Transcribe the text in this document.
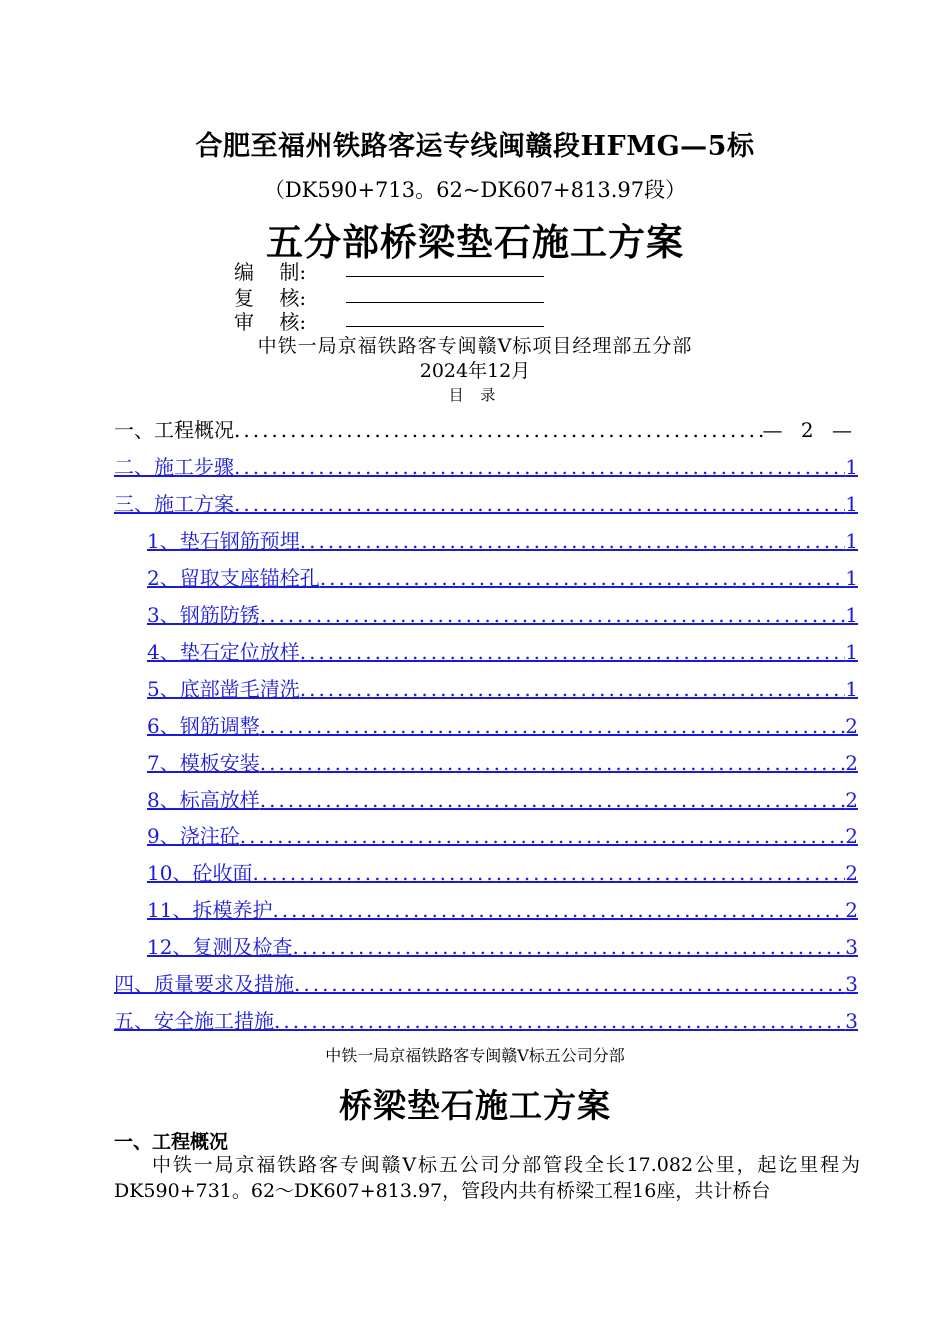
合肥至福州铁路客运专线闽赣段HFMG—5标
（DK590+713。62~DK607+813.97段）
五分部桥梁垫石施工方案
编    制:
复    核:
审    核:
中铁一局京福铁路客专闽赣Ⅴ标项目经理部五分部
2024年12月
目 录
一、工程概况 .....	— 2 —
二、施工步骤 .....	1
三、施工方案 .....	1
1、垫石钢筋预埋 .....	1
2、留取支座锚栓孔 .....	1
3、钢筋防锈 .....	1
4、垫石定位放样 .....	1
5、底部凿毛清洗 .....	1
6、钢筋调整 .....	2
7、模板安装 .....	2
8、标高放样 .....	2
9、浇注砼 .....	2
10、砼收面 .....	2
11、拆模养护 .....	2
12、复测及检查 .....	3
四、质量要求及措施 .....	3
五、安全施工措施 .....	3
中铁一局京福铁路客专闽赣Ⅴ标五公司分部
桥梁垫石施工方案
一、工程概况
中铁一局京福铁路客专闽赣Ⅴ标五公司分部管段全长17.082公里，起讫里程为DK590+731。62～DK607+813.97，管段内共有桥梁工程16座，共计桥台
